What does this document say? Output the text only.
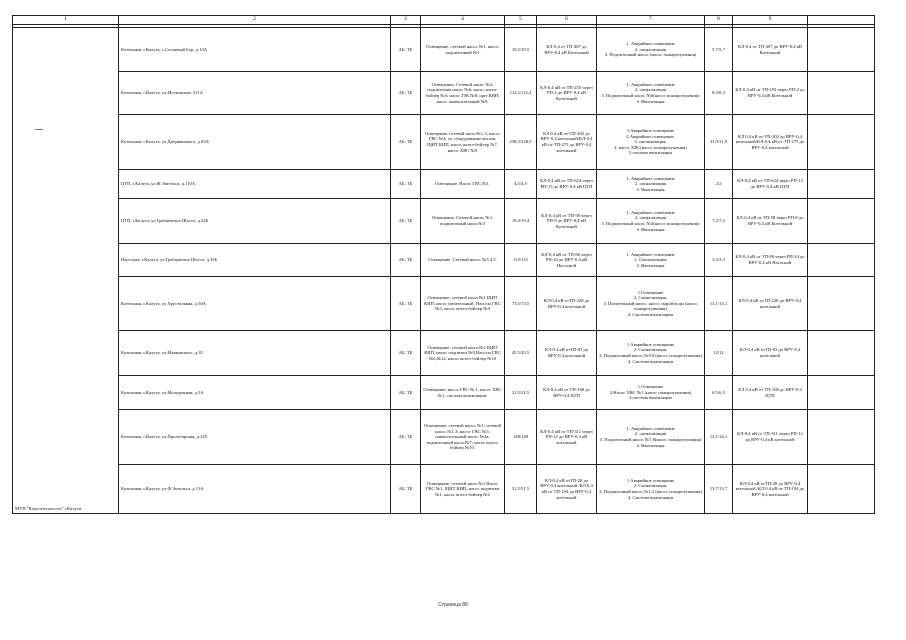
1	2	3	4	5	6	7	8	9	

МУП "Калугатеплосеть" г.Калуги	Котельная, г.Калуга, с.Сосновый Бор, д.10А	АБ, ТБ	Освещение, сетевой насос №1, насос подпиточный №1	19,5/19,5	КЛ-0,4 от ТП-407 до ВРУ-0,4 кВ Котельной	1. Аварийное освещение
2. сигнализация
3. Подпиточный насос (насос пожаротушения)	5,7/5,7	КЛ-0,4 от ТП-407 до ВРУ-0,4 кВ Котельной	
	Котельная, г.Калуга, ул.Московская, 311А	АБ, ТБ	Освещение; Сетевой насос №2; подпиточны насос №6; насос котел-бойлер №6; насос ГВС№8; щит КИП; насос повысительный №9.	112,2/112,2	КЛ-0,4 кВ от ТП-255 через РП-2 до ВРУ-0,4 кВ Котельной	1. Аварийное освещение
2. сигнализация
3. Подпиточный насос №6(насос пожаротушения)
4. Вентиляция	8,3/8,3	КЛ-0,4 кВ от ТП-255 через РП-2 до ВРУ-0,4 кВ Котельной	
	Котельная, г.Калуга, ул.Дзержинского, д.83А	АБ, ТБ	Освещение, сетевой насос№1,3; насос ГВС №4; эл. оборудование котлов, ЩИТ КИП, насос котел-бойлер №7, насос ХВС №9	238,5/238,5	КЛ 0,4 кВ от-ТП-202 до ВРУ-0,4 котельной/КЛ-0,4 кВ от-ТП-275 до ВРУ-0,4 котельной	1.Аварийное освещение
2.Аварийное освещение,
3. сигнализация,
4. насос ХВС(насос пожаротушения)
5.система вентиляции	31,9/31,9	КЛ 0,4 кВ от-ТП-202 до ВРУ-0,4 котельной/КЛ-0,4 кВ от-ТП-275 до ВРУ-0,4 котельной	
	ЦТП, г.Калуга, ул.Ф.Энгельса, д.110А	АБ, ТБ	Освещение, Насос ГВС №1.	4,5/4,5	КЛ-0,4 кВ от ТП-624 через РП-15 до ВРУ-0,4 кВ ЦТП	1. Аварийное освещение
2. сигнализация
3. Вентиляция	2/2	КЛ-0,4 кВ от ТП-624 через РП-15 до ВРУ-0,4 кВ ЦТП	
	ЦТП, г.Калуга, ул.Грабцевское Шоссе, д.22Б	АБ, ТБ	Освещение, Сетевой насос №1, подпиточный насос№3	19,4/19,4	КЛ-0,4 кВ от ТП-58 через РП-8 до ВРУ-0,4 кВ Котельной	1. Аварийное освещение
2. сигнализация
3. Подпиточный насос №3(насос пожаротушения)
4. Вентиляция	7,2/7,2	КЛ-0,4 кВ от ТП-58 через РП-8 до ВРУ-0,4 кВ Котельной	
	Насосная, г.Калуга, ул.Грабцевское Шоссе, д.35Б	АБ, ТБ	Освещение, Сетевой насос №3,4,5.	115/115	КЛ-0,4 кВ от ТП-86 через РП-24 до ВРУ-0,4 кВ Насосной	1. Аварийное освещение
2. Сигнализация
3. Вентиляция	3,3/3,3	КЛ-0,4 кВ от ТП-86 через РП-24 до ВРУ-0,4 кВ Насосной	
	Котельная, г.Калуга, ул.Хрустальная, д.50А	АБ, ТБ	Освещение, сетевой насос№1 ЩИТ КИП, насос питательный, Насосы ГВС №3, насос котел-бойлер №4	73,5/73,5	КЛ-0,4 кВ отТП-228 до ВРУ-0,4 котельной	1.Освещение
2. Сигнализация,
3. Питательный насос, насос сырой воды (насос пожаротушения)
4. Система вентиляции	13,1/13,1	КЛ-0,4 кВ отТП-228 до ВРУ-0,4 котельной	
	Котельная, г.Калуга, ул.Маяковского, д.35	АБ, ТБ	Освещение, сетевой насос№1 ЩИТ КИП, насос подпитки №9,Насосы ГВС №6,№12, насос котел-бойлер №10	45,5/45,5	КЛ-0,4 кВ отТП-83 до ВРУ-0,4 котельной	1.Аварийное освещение
2. Сигнализация,
3. Подпиточный насос,№9,9 (насос пожаротушения)
4. Система вентиляции	12/12	КЛ-0,4 кВ отТП-83 до ВРУ-0,4 котельной	
	Котельная, г.Калуга, ул.Молодежная, д.5А	АБ, ТБ	Освещение, насос ГВС № 1, насос ХВС №1, система вентиляции.	21,5/21,5	КЛ-0,4 кВ от ТП-168 до ВРУ-0,4 ЦТП	1.Освещение
2.Насос ХВС №1 (насос пожаротушения)
3.система вентиляции	6,5/6,5	КЛ 0,4 кВ от ТП-168 до ВРУ-0,4 ЦТП	
	Котельная, г.Калуга, ул.Пролетарская, д.125	АБ, ТБ	Освещение; сетевой насос №1; сетевой насос №1,3; насос ГВС №5; повысительный насос №4а; подпиточный насос№7; насос котел-бойлер №10.	148/148	КЛ-0,4 кВ от ТП-311 через РП-12 до ВРУ-0,4 кВ котельной	1. Аварийное освещение
2. сигнализация
3. Подпиточный насос №7,8(насос пожаротушения)
4. Вентиляция	14,1/14,1	КЛ-0,4 кВ от ТП-311 через РП-12 до ВРУ-0,4 кВ котельной	
	Котельная, г.Калуга, ул.Ф.Энгельса, д.13А	АБ, ТБ	Освещение, сетевой насос№1,Насос ГВС №1, ЩИТ КИП, насос подпитки №1, насос котел-бойлер №2	51,5/51,5	КЛ-0,4 кВ отТП-28 до ВРУ-0,4 котельной /КЛ 0,4 кВ от ТП-194 до ВРУ-0,4 котельной	1.Аварийное освещение
2. Сигнализация,
3. Подпиточный насос,№1,2 (насос пожаротушения)
4. Система вентиляции	13,7/13,7	КЛ-0,4 кВ отТП-28 до ВРУ-0,4 котельной /КЛ 0,4 кВ от ТП-194 до ВРУ-0,4 котельной	
Страница 88
